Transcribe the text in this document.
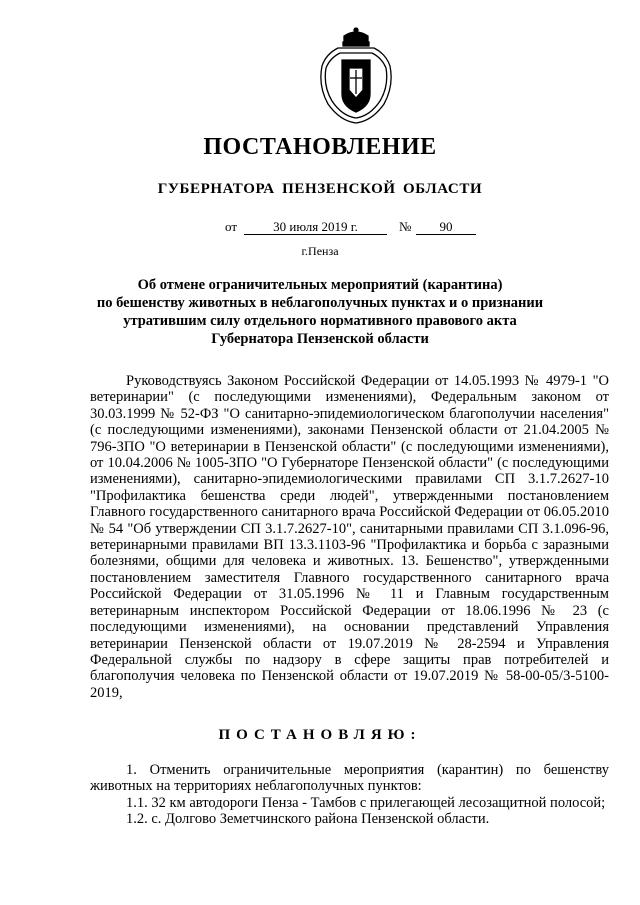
ПОСТАНОВЛЕНИЕ
ГУБЕРНАТОРА ПЕНЗЕНСКОЙ ОБЛАСТИ
от	30 июля 2019 г.	№	90
г.Пенза
Об отмене ограничительных мероприятий (карантина)
по бешенству животных в неблагополучных пунктах и о признании
утратившим силу отдельного нормативного правового акта
Губернатора Пензенской области

Руководствуясь Законом Российской Федерации от 14.05.1993 № 4979-1 "О ветеринарии" (с последующими изменениями), Федеральным законом от 30.03.1999 № 52-ФЗ "О санитарно-эпидемиологическом благополучии населения" (с последующими изменениями), законами Пензенской области от 21.04.2005 № 796-ЗПО "О ветеринарии в Пензенской области" (с последующими изменениями), от 10.04.2006 № 1005-ЗПО "О Губернаторе Пензенской области" (с последующими изменениями), санитарно-эпидемиологическими правилами СП 3.1.7.2627-10 "Профилактика бешенства среди людей", утвержденными постановлением Главного государственного санитарного врача Российской Федерации от 06.05.2010 № 54 "Об утверждении СП 3.1.7.2627-10", санитарными правилами СП 3.1.096-96, ветеринарными правилами ВП 13.3.1103-96 "Профилактика и борьба с заразными болезнями, общими для человека и животных. 13. Бешенство", утвержденными постановлением заместителя Главного государственного санитарного врача Российской Федерации от 31.05.1996 № 11 и Главным государственным ветеринарным инспектором Российской Федерации от 18.06.1996 № 23 (с последующими изменениями), на основании представлений Управления ветеринарии Пензенской области от 19.07.2019 № 28-2594 и Управления Федеральной службы по надзору в сфере защиты прав потребителей и благополучия человека по Пензенской области от 19.07.2019 № 58-00-05/3-5100-2019,

ПОСТАНОВЛЯЮ:

1. Отменить ограничительные мероприятия (карантин) по бешенству животных на территориях неблагополучных пунктов:

1.1. 32 км автодороги Пенза - Тамбов с прилегающей лесозащитной полосой;

1.2. с. Долгово Земетчинского района Пензенской области.
